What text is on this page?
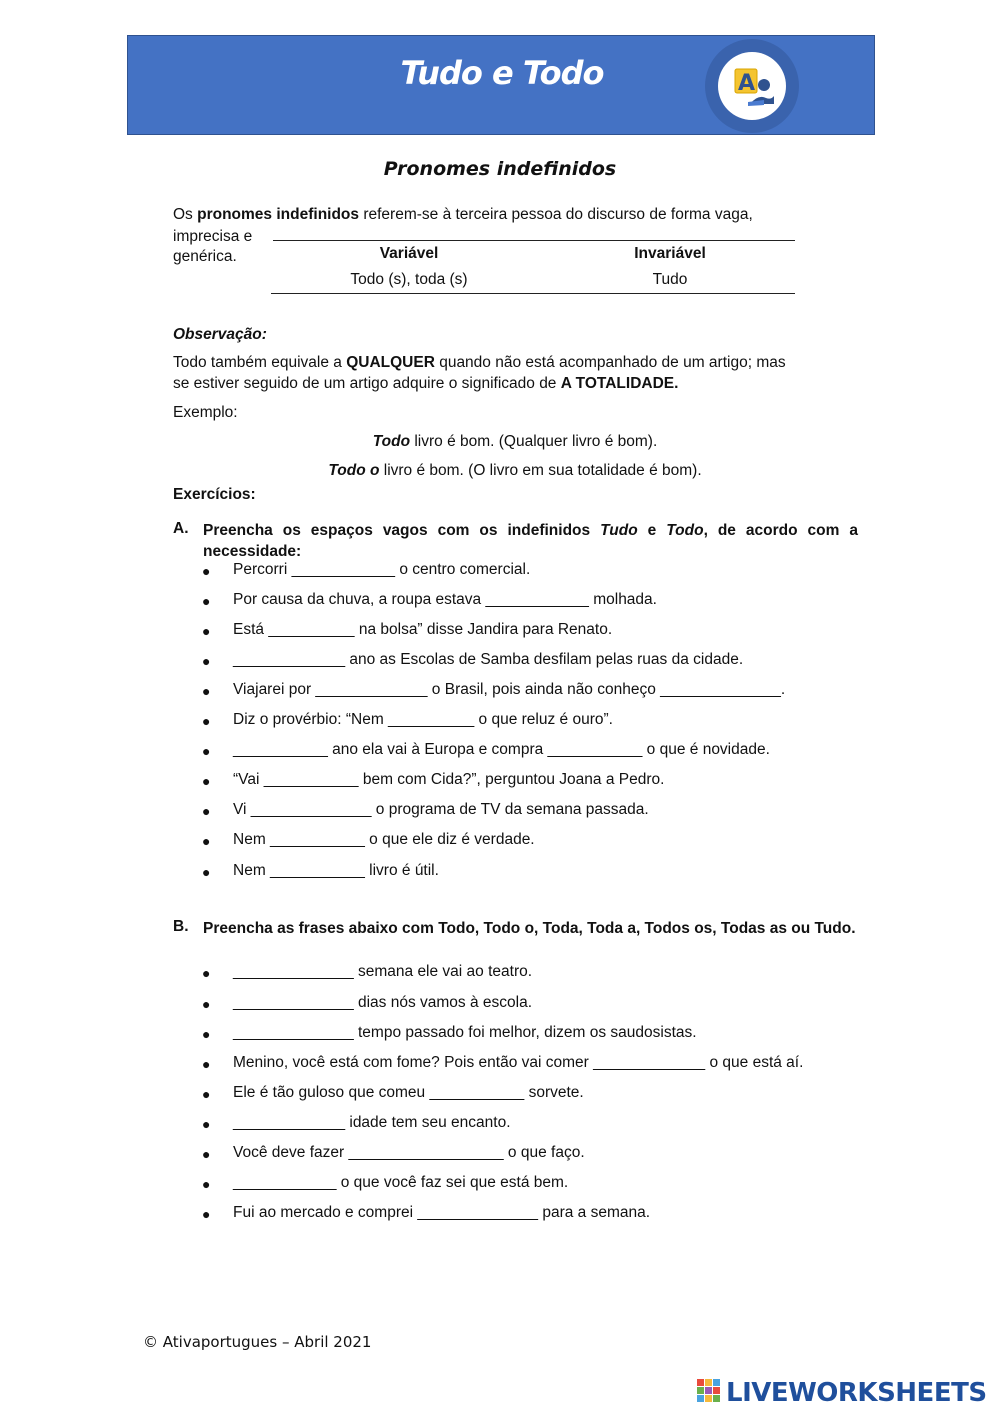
Tudo e Todo	A
Pronomes indefinidos
Os pronomes indefinidos referem-se à terceira pessoa do discurso de forma vaga,
imprecisa e
genérica.	Variável	Invariável
Todo (s), toda (s)	Tudo
Observação:
Todo também equivale a QUALQUER quando não está acompanhado de um artigo; mas
se estiver seguido de um artigo adquire o significado de A TOTALIDADE.
Exemplo:
Todo livro é bom. (Qualquer livro é bom).
Todo o livro é bom. (O livro em sua totalidade é bom).
Exercícios:
A. Preencha os espaços vagos com os indefinidos Tudo e Todo, de acordo com a necessidade:
● Percorri ____________ o centro comercial.
● Por causa da chuva, a roupa estava ____________ molhada.
● Está __________ na bolsa” disse Jandira para Renato.
● _____________ ano as Escolas de Samba desfilam pelas ruas da cidade.
● Viajarei por _____________ o Brasil, pois ainda não conheço ______________.
● Diz o provérbio: “Nem __________ o que reluz é ouro”.
● ___________ ano ela vai à Europa e compra ___________ o que é novidade.
● “Vai ___________ bem com Cida?”, perguntou Joana a Pedro.
● Vi ______________ o programa de TV da semana passada.
● Nem ___________ o que ele diz é verdade.
● Nem ___________ livro é útil.
B. Preencha as frases abaixo com Todo, Todo o, Toda, Toda a, Todos os, Todas as ou Tudo.
● ______________ semana ele vai ao teatro.
● ______________ dias nós vamos à escola.
● ______________ tempo passado foi melhor, dizem os saudosistas.
● Menino, você está com fome? Pois então vai comer _____________ o que está aí.
● Ele é tão guloso que comeu ___________ sorvete.
● _____________ idade tem seu encanto.
● Você deve fazer __________________ o que faço.
● ____________ o que você faz sei que está bem.
● Fui ao mercado e comprei ______________ para a semana.
© Ativaportugues – Abril 2021
LIVEWORKSHEETS
